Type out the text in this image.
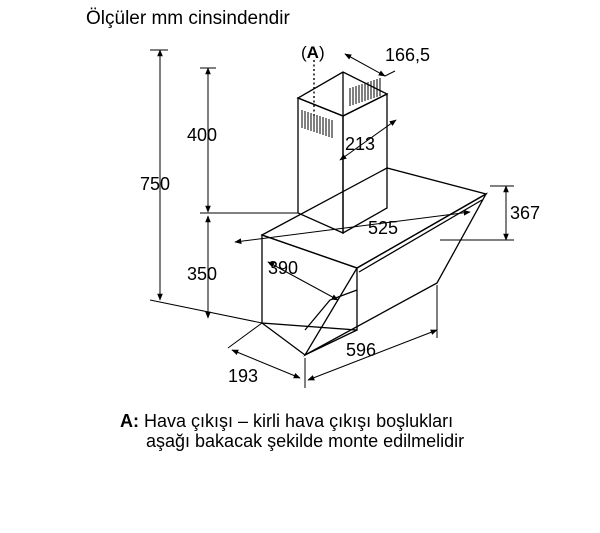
Ölçüler mm cinsindendir
(A)	166,5
400
750
213
367
525
350	390
596
193
A: Hava çıkışı – kirli hava çıkışı boşlukları
aşağı bakacak şekilde monte edilmelidir
